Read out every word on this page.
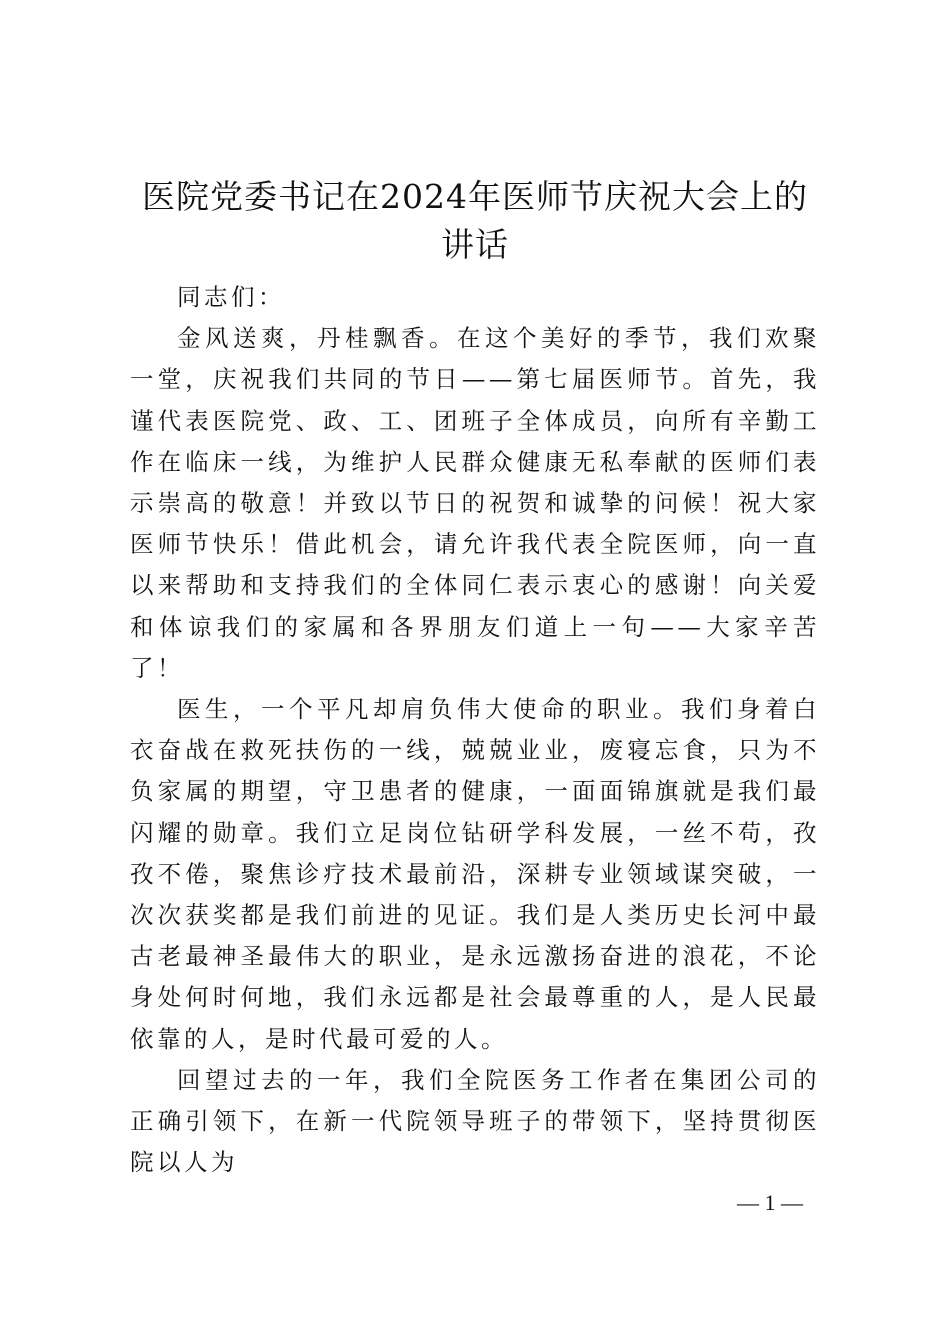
医院党委书记在2024年医师节庆祝大会上的
讲话

同志们：

金风送爽，丹桂飘香。在这个美好的季节，我们欢聚一堂，庆祝我们共同的节日——第七届医师节。首先，我谨代表医院党、政、工、团班子全体成员，向所有辛勤工作在临床一线，为维护人民群众健康无私奉献的医师们表示崇高的敬意！并致以节日的祝贺和诚挚的问候！祝大家医师节快乐！借此机会，请允许我代表全院医师，向一直以来帮助和支持我们的全体同仁表示衷心的感谢！向关爱和体谅我们的家属和各界朋友们道上一句——大家辛苦了！

医生，一个平凡却肩负伟大使命的职业。我们身着白衣奋战在救死扶伤的一线，兢兢业业，废寝忘食，只为不负家属的期望，守卫患者的健康，一面面锦旗就是我们最闪耀的勋章。我们立足岗位钻研学科发展，一丝不苟，孜孜不倦，聚焦诊疗技术最前沿，深耕专业领域谋突破，一次次获奖都是我们前进的见证。我们是人类历史长河中最古老最神圣最伟大的职业，是永远激扬奋进的浪花，不论身处何时何地，我们永远都是社会最尊重的人，是人民最依靠的人，是时代最可爱的人。

回望过去的一年，我们全院医务工作者在集团公司的正确引领下，在新一代院领导班子的带领下，坚持贯彻医院以人为

— 1 —
